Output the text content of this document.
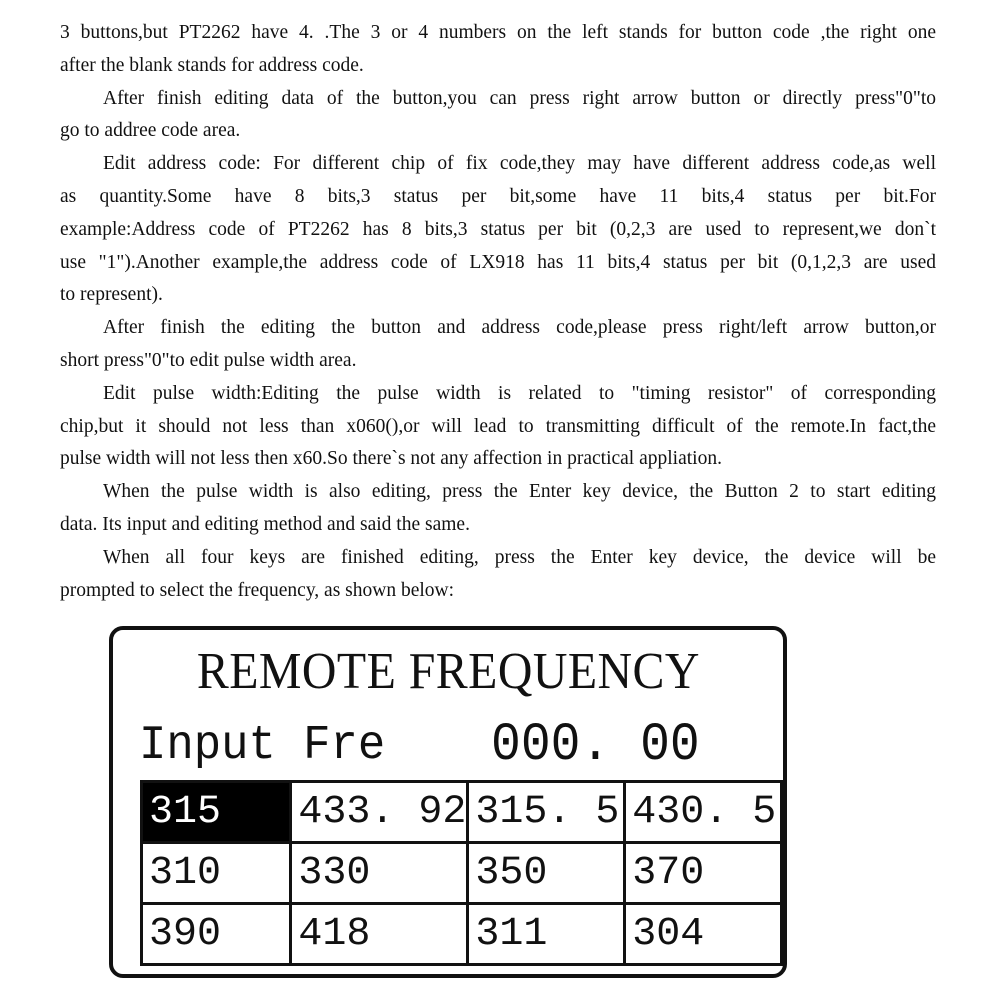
3 buttons,but PT2262 have 4. .The 3 or 4 numbers on the left stands for button code ,the right one
after the blank stands for address code.
After finish editing data of the button,you can press right arrow button or directly press"0"to
go to addree code area.
Edit address code: For different chip of fix code,they may have different address code,as well
as quantity.Some have 8 bits,3 status per bit,some have 11 bits,4 status per bit.For
example:Address code of PT2262 has 8 bits,3 status per bit (0,2,3 are used to represent,we don`t
use "1").Another example,the address code of LX918 has 11 bits,4 status per bit (0,1,2,3 are used
to represent).
After finish the editing the button and address code,please press right/left arrow button,or
short press"0"to edit pulse width area.
Edit pulse width:Editing the pulse width is related to "timing resistor" of corresponding
chip,but it should not less than x060(),or will lead to transmitting difficult of the remote.In fact,the
pulse width will not less then x60.So there`s not any affection in practical appliation.
When the pulse width is also editing, press the Enter key device, the Button 2 to start editing
data. Its input and editing method and said the same.
When all four keys are finished editing, press the Enter key device, the device will be
prompted to select the frequency, as shown below:
REMOTE FREQUENCY
Input Fre 000. 00
315	433. 92	315. 5	430. 5
310	330	350	370
390	418	311	304
